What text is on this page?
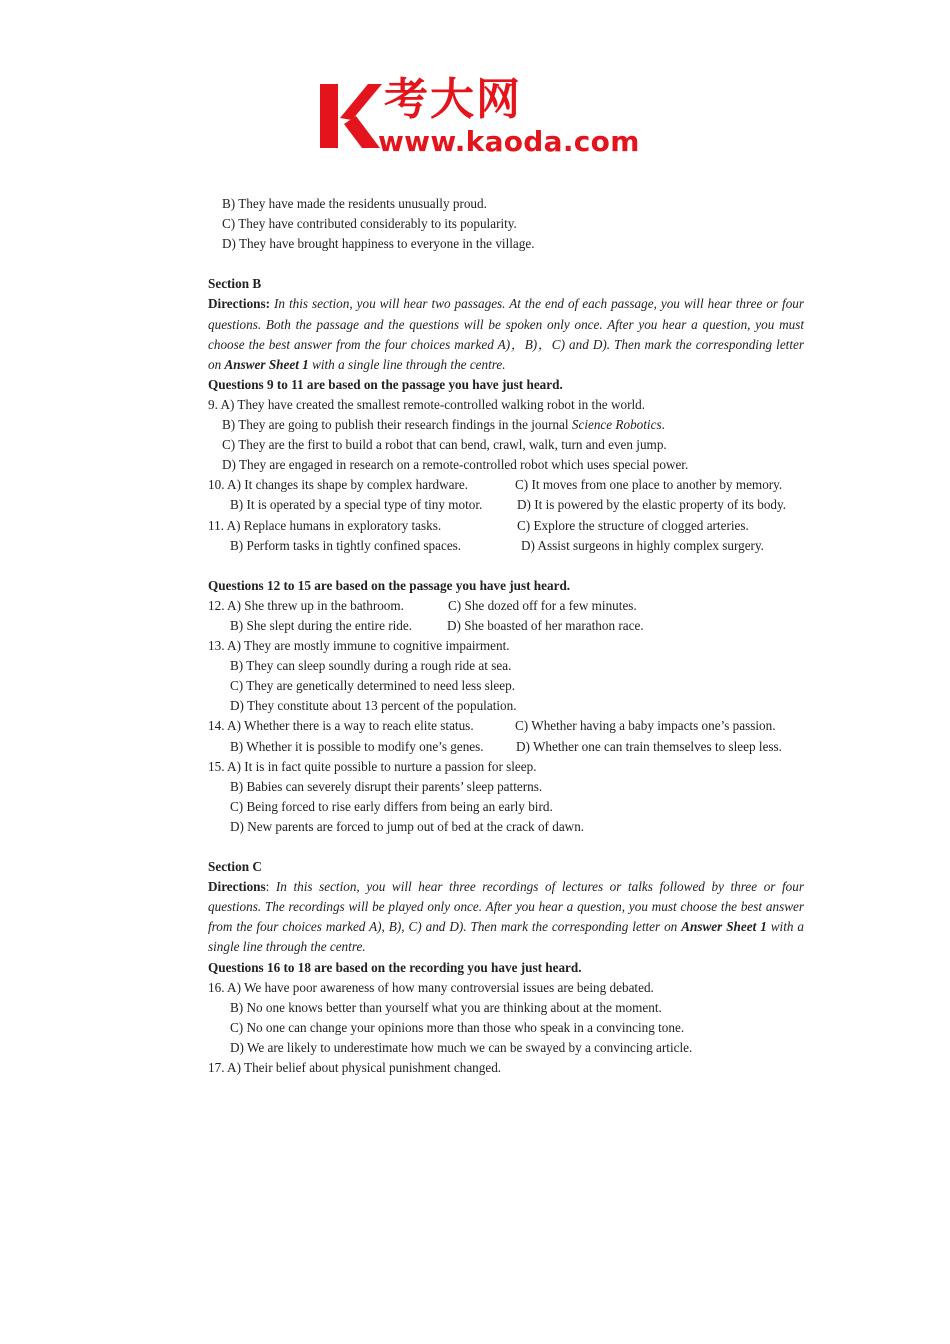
考大网
www.kaoda.com

B) They have made the residents unusually proud.

C) They have contributed considerably to its popularity.

D) They have brought happiness to everyone in the village.

Section B

Directions: In this section, you will hear two passages. At the end of each passage, you will hear three or four questions. Both the passage and the questions will be spoken only once. After you hear a question, you must choose the best answer from the four choices marked A)，B)，C) and D). Then mark the corresponding letter on Answer Sheet 1 with a single line through the centre.

Questions 9 to 11 are based on the passage you have just heard.

9. A) They have created the smallest remote-controlled walking robot in the world.

B) They are going to publish their research findings in the journal Science Robotics.

C) They are the first to build a robot that can bend, crawl, walk, turn and even jump.

D) They are engaged in research on a remote-controlled robot which uses special power.

10. A) It changes its shape by complex hardware.	C) It moves from one place to another by memory.

B) It is operated by a special type of tiny motor.	D) It is powered by the elastic property of its body.

11. A) Replace humans in exploratory tasks.	C) Explore the structure of clogged arteries.

B) Perform tasks in tightly confined spaces.	D) Assist surgeons in highly complex surgery.

Questions 12 to 15 are based on the passage you have just heard.

12. A) She threw up in the bathroom.	C) She dozed off for a few minutes.

B) She slept during the entire ride.	D) She boasted of her marathon race.

13. A) They are mostly immune to cognitive impairment.

B) They can sleep soundly during a rough ride at sea.

C) They are genetically determined to need less sleep.

D) They constitute about 13 percent of the population.

14. A) Whether there is a way to reach elite status.	C) Whether having a baby impacts one’s passion.

B) Whether it is possible to modify one’s genes.	D) Whether one can train themselves to sleep less.

15. A) It is in fact quite possible to nurture a passion for sleep.

B) Babies can severely disrupt their parents’ sleep patterns.

C) Being forced to rise early differs from being an early bird.

D) New parents are forced to jump out of bed at the crack of dawn.

Section C

Directions: In this section, you will hear three recordings of lectures or talks followed by three or four questions. The recordings will be played only once. After you hear a question, you must choose the best answer from the four choices marked A), B), C) and D). Then mark the corresponding letter on Answer Sheet 1 with a single line through the centre.

Questions 16 to 18 are based on the recording you have just heard.

16. A) We have poor awareness of how many controversial issues are being debated.

B) No one knows better than yourself what you are thinking about at the moment.

C) No one can change your opinions more than those who speak in a convincing tone.

D) We are likely to underestimate how much we can be swayed by a convincing article.

17. A) Their belief about physical punishment changed.
